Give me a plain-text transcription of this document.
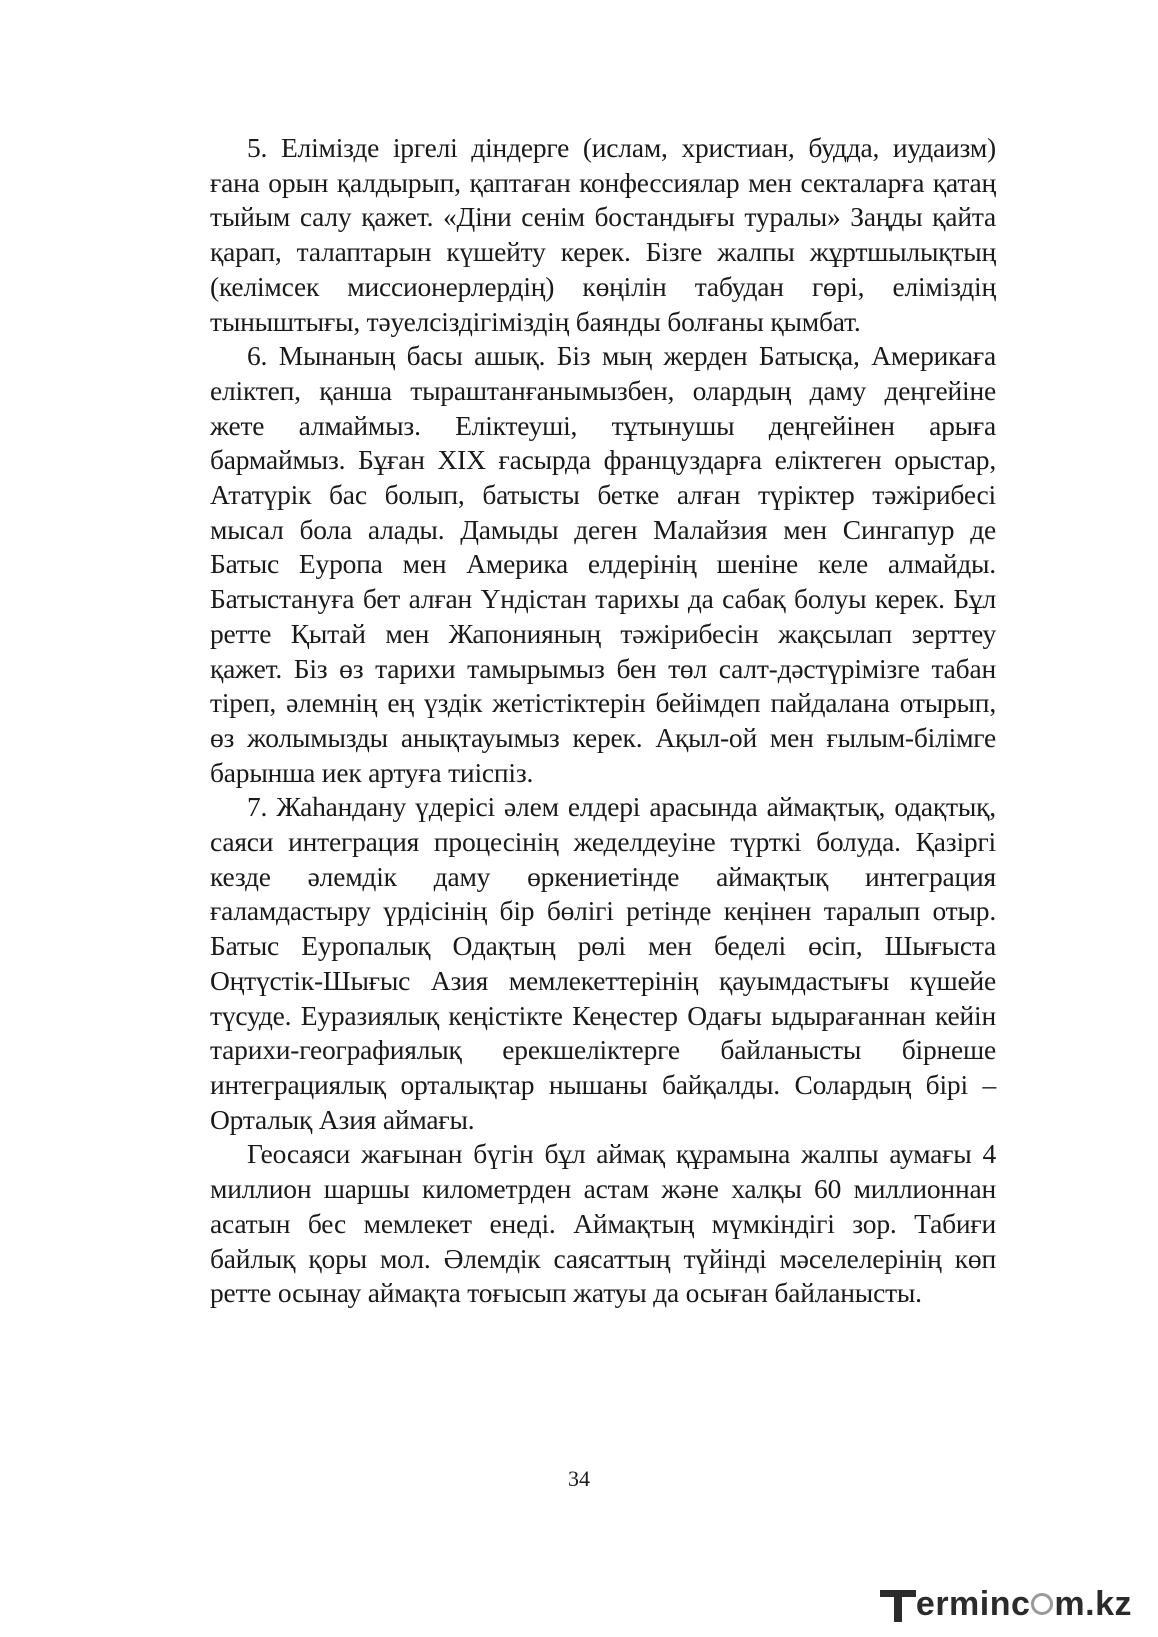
5. Елімізде іргелі діндерге (ислам, христиан, будда, иудаизм) ғана орын қалдырып, қаптаған конфессиялар мен секталарға қатаң тыйым салу қажет. «Діни сенім бостандығы туралы» Заңды қайта қарап, талаптарын күшейту керек. Бізге жалпы жұртшылықтың (келімсек миссионерлердің) көңілін табудан гөрі, еліміздің тыныштығы, тәуелсіздігіміздің баянды болғаны қымбат.

6. Мынаның басы ашық. Біз мың жерден Батысқа, Америкаға еліктеп, қанша тыраштанғанымызбен, олардың даму деңгейіне жете алмаймыз. Еліктеуші, тұтынушы деңгейінен арыға бармаймыз. Бұған ХІХ ғасырда француздарға еліктеген орыстар, Ататүрік бас болып, батысты бетке алған түріктер тәжірибесі мысал бола алады. Дамыды деген Малайзия мен Сингапур де Батыс Еуропа мен Америка елдерінің шеніне келе алмайды. Батыстануға бет алған Үндістан тарихы да сабақ болуы керек. Бұл ретте Қытай мен Жапонияның тәжірибесін жақсылап зерттеу қажет. Біз өз тарихи тамырымыз бен төл салт-дәстүрімізге табан тіреп, әлемнің ең үздік жетістіктерін бейімдеп пайдалана отырып, өз жолымызды анықтауымыз керек. Ақыл-ой мен ғылым-білімге барынша иек артуға тиіспіз.

7. Жаһандану үдерісі әлем елдері арасында аймақтық, одақтық, саяси интеграция процесінің жеделдеуіне түрткі болуда. Қазіргі кезде әлемдік даму өркениетінде аймақтық интеграция ғаламдастыру үрдісінің бір бөлігі ретінде кеңінен таралып отыр. Батыс Еуропалық Одақтың рөлі мен беделі өсіп, Шығыста Оңтүстік-Шығыс Азия мемлекеттерінің қауымдастығы күшейе түсуде. Еуразиялық кеңістікте Кеңестер Одағы ыдырағаннан кейін тарихи-географиялық ерекшеліктерге байланысты бірнеше интеграциялық орталықтар нышаны байқалды. Солардың бірі – Орталық Азия аймағы.

Геосаяси жағынан бүгін бұл аймақ құрамына жалпы аумағы 4 миллион шаршы километрден астам және халқы 60 миллионнан асатын бес мемлекет енеді. Аймақтың мүмкіндігі зор. Табиғи байлық қоры мол. Әлемдік саясаттың түйінді мәселелерінің көп ретте осынау аймақта тоғысып жатуы да осыған байланысты.

34
erminc m.kz
